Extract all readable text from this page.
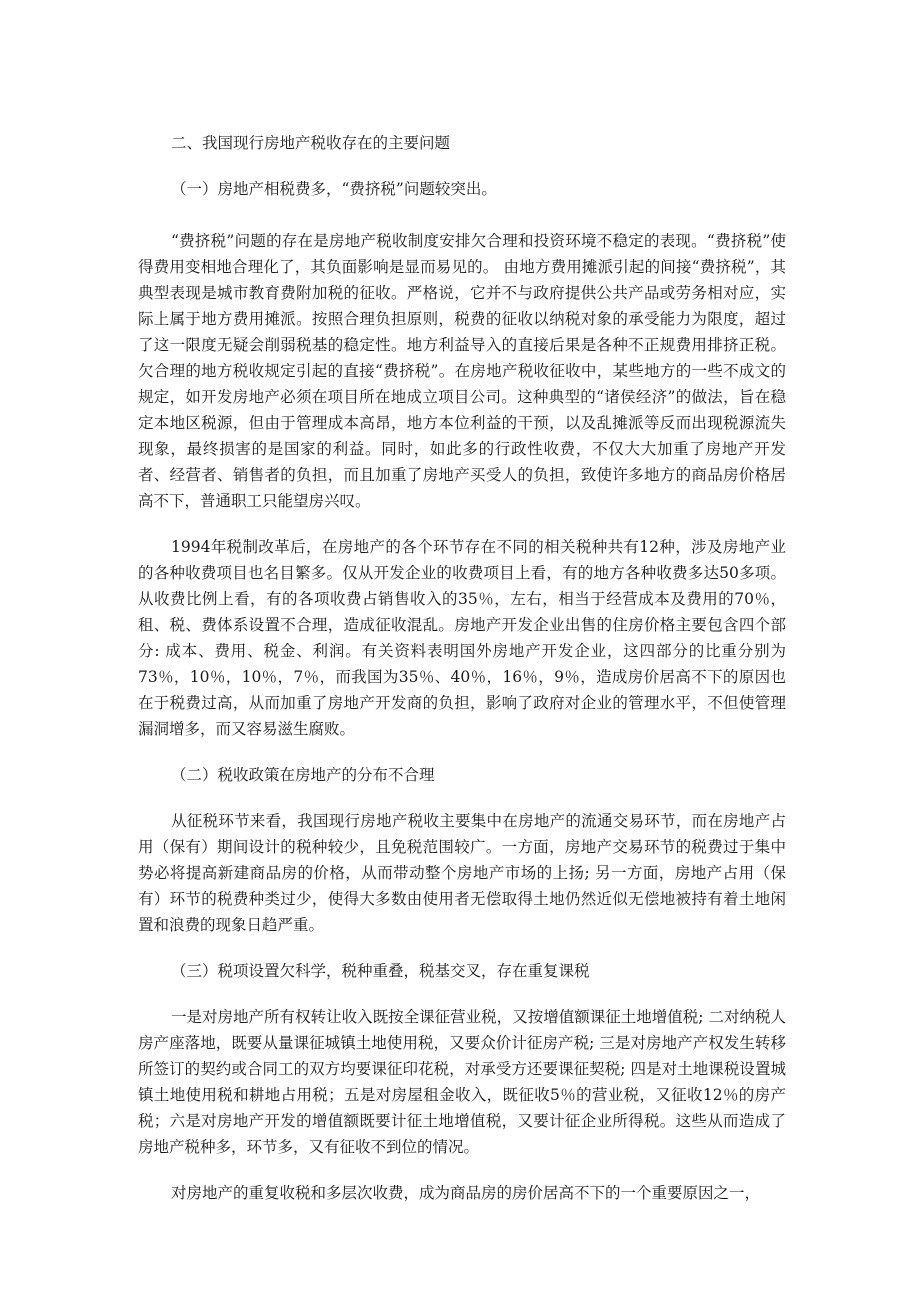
二、我国现行房地产税收存在的主要问题

（一）房地产相税费多，“费挤税”问题较突出。

“费挤税”问题的存在是房地产税收制度安排欠合理和投资环境不稳定的表现。“费挤税”使得费用变相地合理化了，其负面影响是显而易见的。 由地方费用摊派引起的间接“费挤税”，其典型表现是城市教育费附加税的征收。严格说，它并不与政府提供公共产品或劳务相对应，实际上属于地方费用摊派。按照合理负担原则，税费的征收以纳税对象的承受能力为限度，超过了这一限度无疑会削弱税基的稳定性。地方利益导入的直接后果是各种不正规费用排挤正税。 欠合理的地方税收规定引起的直接“费挤税”。在房地产税收征收中，某些地方的一些不成文的规定，如开发房地产必须在项目所在地成立项目公司。这种典型的“诸侯经济”的做法，旨在稳定本地区税源，但由于管理成本高昂，地方本位利益的干预，以及乱摊派等反而出现税源流失现象，最终损害的是国家的利益。同时，如此多的行政性收费，不仅大大加重了房地产开发者、经营者、销售者的负担，而且加重了房地产买受人的负担，致使许多地方的商品房价格居高不下，普通职工只能望房兴叹。

1994年税制改革后，在房地产的各个环节存在不同的相关税种共有12种，涉及房地产业的各种收费项目也名目繁多。仅从开发企业的收费项目上看，有的地方各种收费多达50多项。从收费比例上看，有的各项收费占销售收入的35％，左右，相当于经营成本及费用的70％，租、税、费体系设置不合理，造成征收混乱。房地产开发企业出售的住房价格主要包含四个部分: 成本、费用、税金、利润。有关资料表明国外房地产开发企业，这四部分的比重分别为73％，10％，10％，7％，而我国为35％、40％，16％，9％，造成房价居高不下的原因也在于税费过高，从而加重了房地产开发商的负担，影响了政府对企业的管理水平，不但使管理漏洞增多，而又容易滋生腐败。

（二）税收政策在房地产的分布不合理

从征税环节来看，我国现行房地产税收主要集中在房地产的流通交易环节，而在房地产占用（保有）期间设计的税种较少，且免税范围较广。一方面，房地产交易环节的税费过于集中势必将提高新建商品房的价格，从而带动整个房地产市场的上扬; 另一方面，房地产占用（保有）环节的税费种类过少，使得大多数由使用者无偿取得土地仍然近似无偿地被持有着土地闲置和浪费的现象日趋严重。

（三）税项设置欠科学，税种重叠，税基交叉，存在重复课税

一是对房地产所有权转让收入既按全课征营业税，又按增值额课征土地增值税; 二对纳税人房产座落地，既要从量课征城镇土地使用税，又要众价计征房产税; 三是对房地产产权发生转移所签订的契约或合同工的双方均要课征印花税，对承受方还要课征契税; 四是对土地课税设置城镇土地使用税和耕地占用税；五是对房屋租金收入，既征收5％的营业税，又征收12％的房产税；六是对房地产开发的增值额既要计征土地增值税，又要计征企业所得税。这些从而造成了房地产税种多，环节多，又有征收不到位的情况。

对房地产的重复收税和多层次收费，成为商品房的房价居高不下的一个重要原因之一，
